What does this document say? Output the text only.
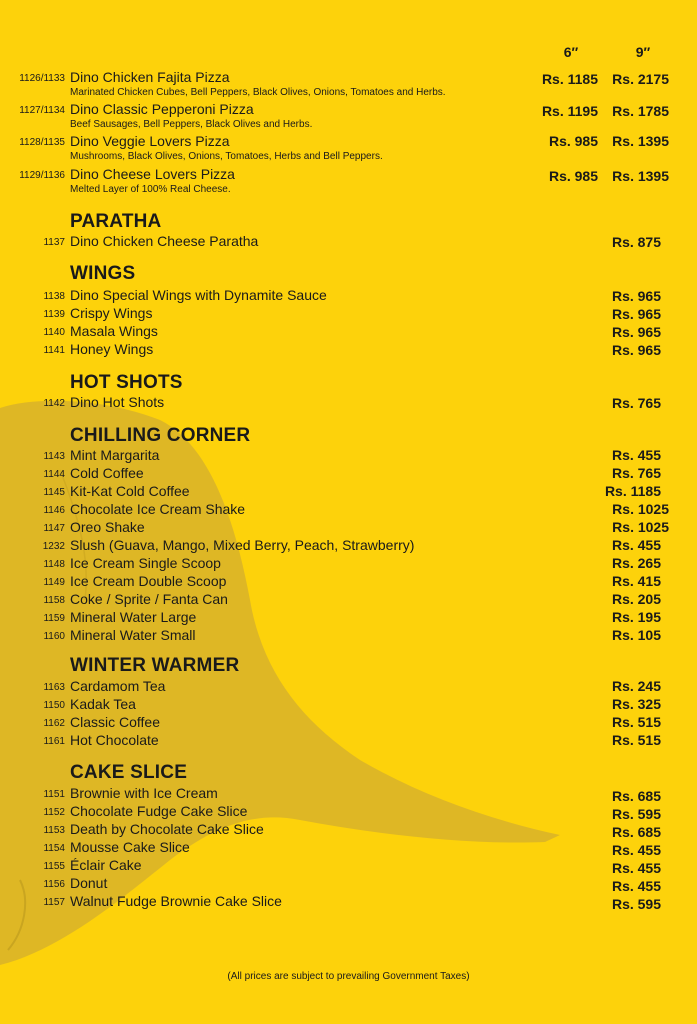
6″	9″
1126/1133 Dino Chicken Fajita Pizza
Marinated Chicken Cubes, Bell Peppers, Black Olives, Onions, Tomatoes and Herbs.
Rs. 1185 Rs. 2175
1127/1134 Dino Classic Pepperoni Pizza
Beef Sausages, Bell Peppers, Black Olives and Herbs.
Rs. 1195 Rs. 1785
1128/1135 Dino Veggie Lovers Pizza
Mushrooms, Black Olives, Onions, Tomatoes, Herbs and Bell Peppers.
Rs. 985 Rs. 1395
1129/1136 Dino Cheese Lovers Pizza
Melted Layer of 100% Real Cheese.
Rs. 985 Rs. 1395
PARATHA
1137 Dino Chicken Cheese Paratha	Rs. 875
WINGS
1138 Dino Special Wings with Dynamite Sauce	Rs. 965
1139 Crispy Wings	Rs. 965
1140 Masala Wings	Rs. 965
1141 Honey Wings	Rs. 965
HOT SHOTS
1142 Dino Hot Shots	Rs. 765
CHILLING CORNER
1143 Mint Margarita	Rs. 455
1144 Cold Coffee	Rs. 765
1145 Kit-Kat Cold Coffee	Rs. 1185
1146 Chocolate Ice Cream Shake	Rs. 1025
1147 Oreo Shake	Rs. 1025
1232 Slush (Guava, Mango, Mixed Berry, Peach, Strawberry)	Rs. 455
1148 Ice Cream Single Scoop	Rs. 265
1149 Ice Cream Double Scoop	Rs. 415
1158 Coke / Sprite / Fanta Can	Rs. 205
1159 Mineral Water Large	Rs. 195
1160 Mineral Water Small	Rs. 105
WINTER WARMER
1163 Cardamom Tea	Rs. 245
1150 Kadak Tea	Rs. 325
1162 Classic Coffee	Rs. 515
1161 Hot Chocolate	Rs. 515
CAKE SLICE
1151 Brownie with Ice Cream	Rs. 685
1152 Chocolate Fudge Cake Slice	Rs. 595
1153 Death by Chocolate Cake Slice	Rs. 685
1154 Mousse Cake Slice	Rs. 455
1155 Éclair Cake	Rs. 455
1156 Donut	Rs. 455
1157 Walnut Fudge Brownie Cake Slice	Rs. 595
(All prices are subject to prevailing Government Taxes)
